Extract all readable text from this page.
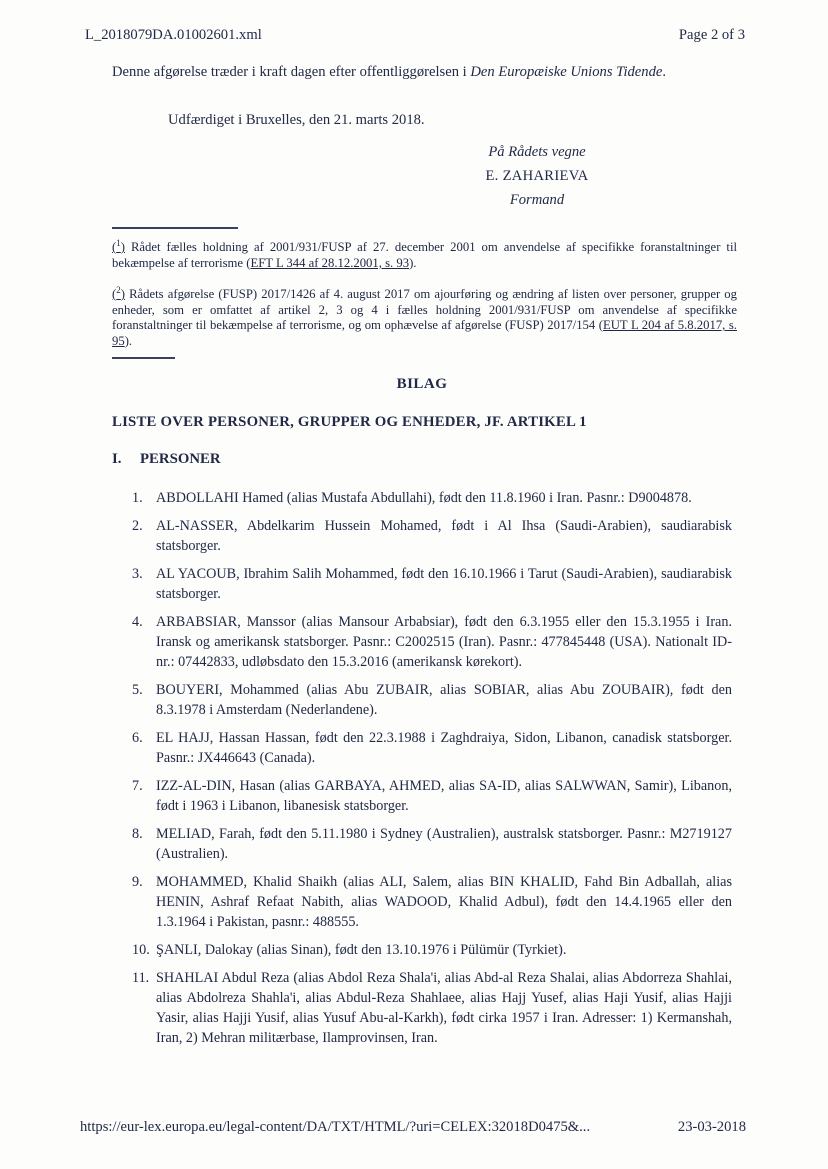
L_2018079DA.01002601.xml	Page 2 of 3

Denne afgørelse træder i kraft dagen efter offentliggørelsen i Den Europæiske Unions Tidende.

Udfærdiget i Bruxelles, den 21. marts 2018.

På Rådets vegne
E. ZAHARIEVA
Formand
($^1$) Rådet fælles holdning af 2001/931/FUSP af 27. december 2001 om anvendelse af specifikke foranstaltninger til bekæmpelse af terrorisme (EFT L 344 af 28.12.2001, s. 93).
($^2$) Rådets afgørelse (FUSP) 2017/1426 af 4. august 2017 om ajourføring og ændring af listen over personer, grupper og enheder, som er omfattet af artikel 2, 3 og 4 i fælles holdning 2001/931/FUSP om anvendelse af specifikke foranstaltninger til bekæmpelse af terrorisme, og om ophævelse af afgørelse (FUSP) 2017/154 (EUT L 204 af 5.8.2017, s. 95).
BILAG
LISTE OVER PERSONER, GRUPPER OG ENHEDER, JF. ARTIKEL 1
I. PERSONER
1. ABDOLLAHI Hamed (alias Mustafa Abdullahi), født den 11.8.1960 i Iran. Pasnr.: D9004878.
2. AL-NASSER, Abdelkarim Hussein Mohamed, født i Al Ihsa (Saudi-Arabien), saudiarabisk statsborger.
3. AL YACOUB, Ibrahim Salih Mohammed, født den 16.10.1966 i Tarut (Saudi-Arabien), saudiarabisk statsborger.
4. ARBABSIAR, Manssor (alias Mansour Arbabsiar), født den 6.3.1955 eller den 15.3.1955 i Iran. Iransk og amerikansk statsborger. Pasnr.: C2002515 (Iran). Pasnr.: 477845448 (USA). Nationalt ID-nr.: 07442833, udløbsdato den 15.3.2016 (amerikansk kørekort).
5. BOUYERI, Mohammed (alias Abu ZUBAIR, alias SOBIAR, alias Abu ZOUBAIR), født den 8.3.1978 i Amsterdam (Nederlandene).
6. EL HAJJ, Hassan Hassan, født den 22.3.1988 i Zaghdraiya, Sidon, Libanon, canadisk statsborger. Pasnr.: JX446643 (Canada).
7. IZZ-AL-DIN, Hasan (alias GARBAYA, AHMED, alias SA-ID, alias SALWWAN, Samir), Libanon, født i 1963 i Libanon, libanesisk statsborger.
8. MELIAD, Farah, født den 5.11.1980 i Sydney (Australien), australsk statsborger. Pasnr.: M2719127 (Australien).
9. MOHAMMED, Khalid Shaikh (alias ALI, Salem, alias BIN KHALID, Fahd Bin Adballah, alias HENIN, Ashraf Refaat Nabith, alias WADOOD, Khalid Adbul), født den 14.4.1965 eller den 1.3.1964 i Pakistan, pasnr.: 488555.
10. ŞANLI, Dalokay (alias Sinan), født den 13.10.1976 i Pülümür (Tyrkiet).
11. SHAHLAI Abdul Reza (alias Abdol Reza Shala'i, alias Abd-al Reza Shalai, alias Abdorreza Shahlai, alias Abdolreza Shahla'i, alias Abdul-Reza Shahlaee, alias Hajj Yusef, alias Haji Yusif, alias Hajji Yasir, alias Hajji Yusif, alias Yusuf Abu-al-Karkh), født cirka 1957 i Iran. Adresser: 1) Kermanshah, Iran, 2) Mehran militærbase, Ilamprovinsen, Iran.
https://eur-lex.europa.eu/legal-content/DA/TXT/HTML/?uri=CELEX:32018D0475&...	23-03-2018
